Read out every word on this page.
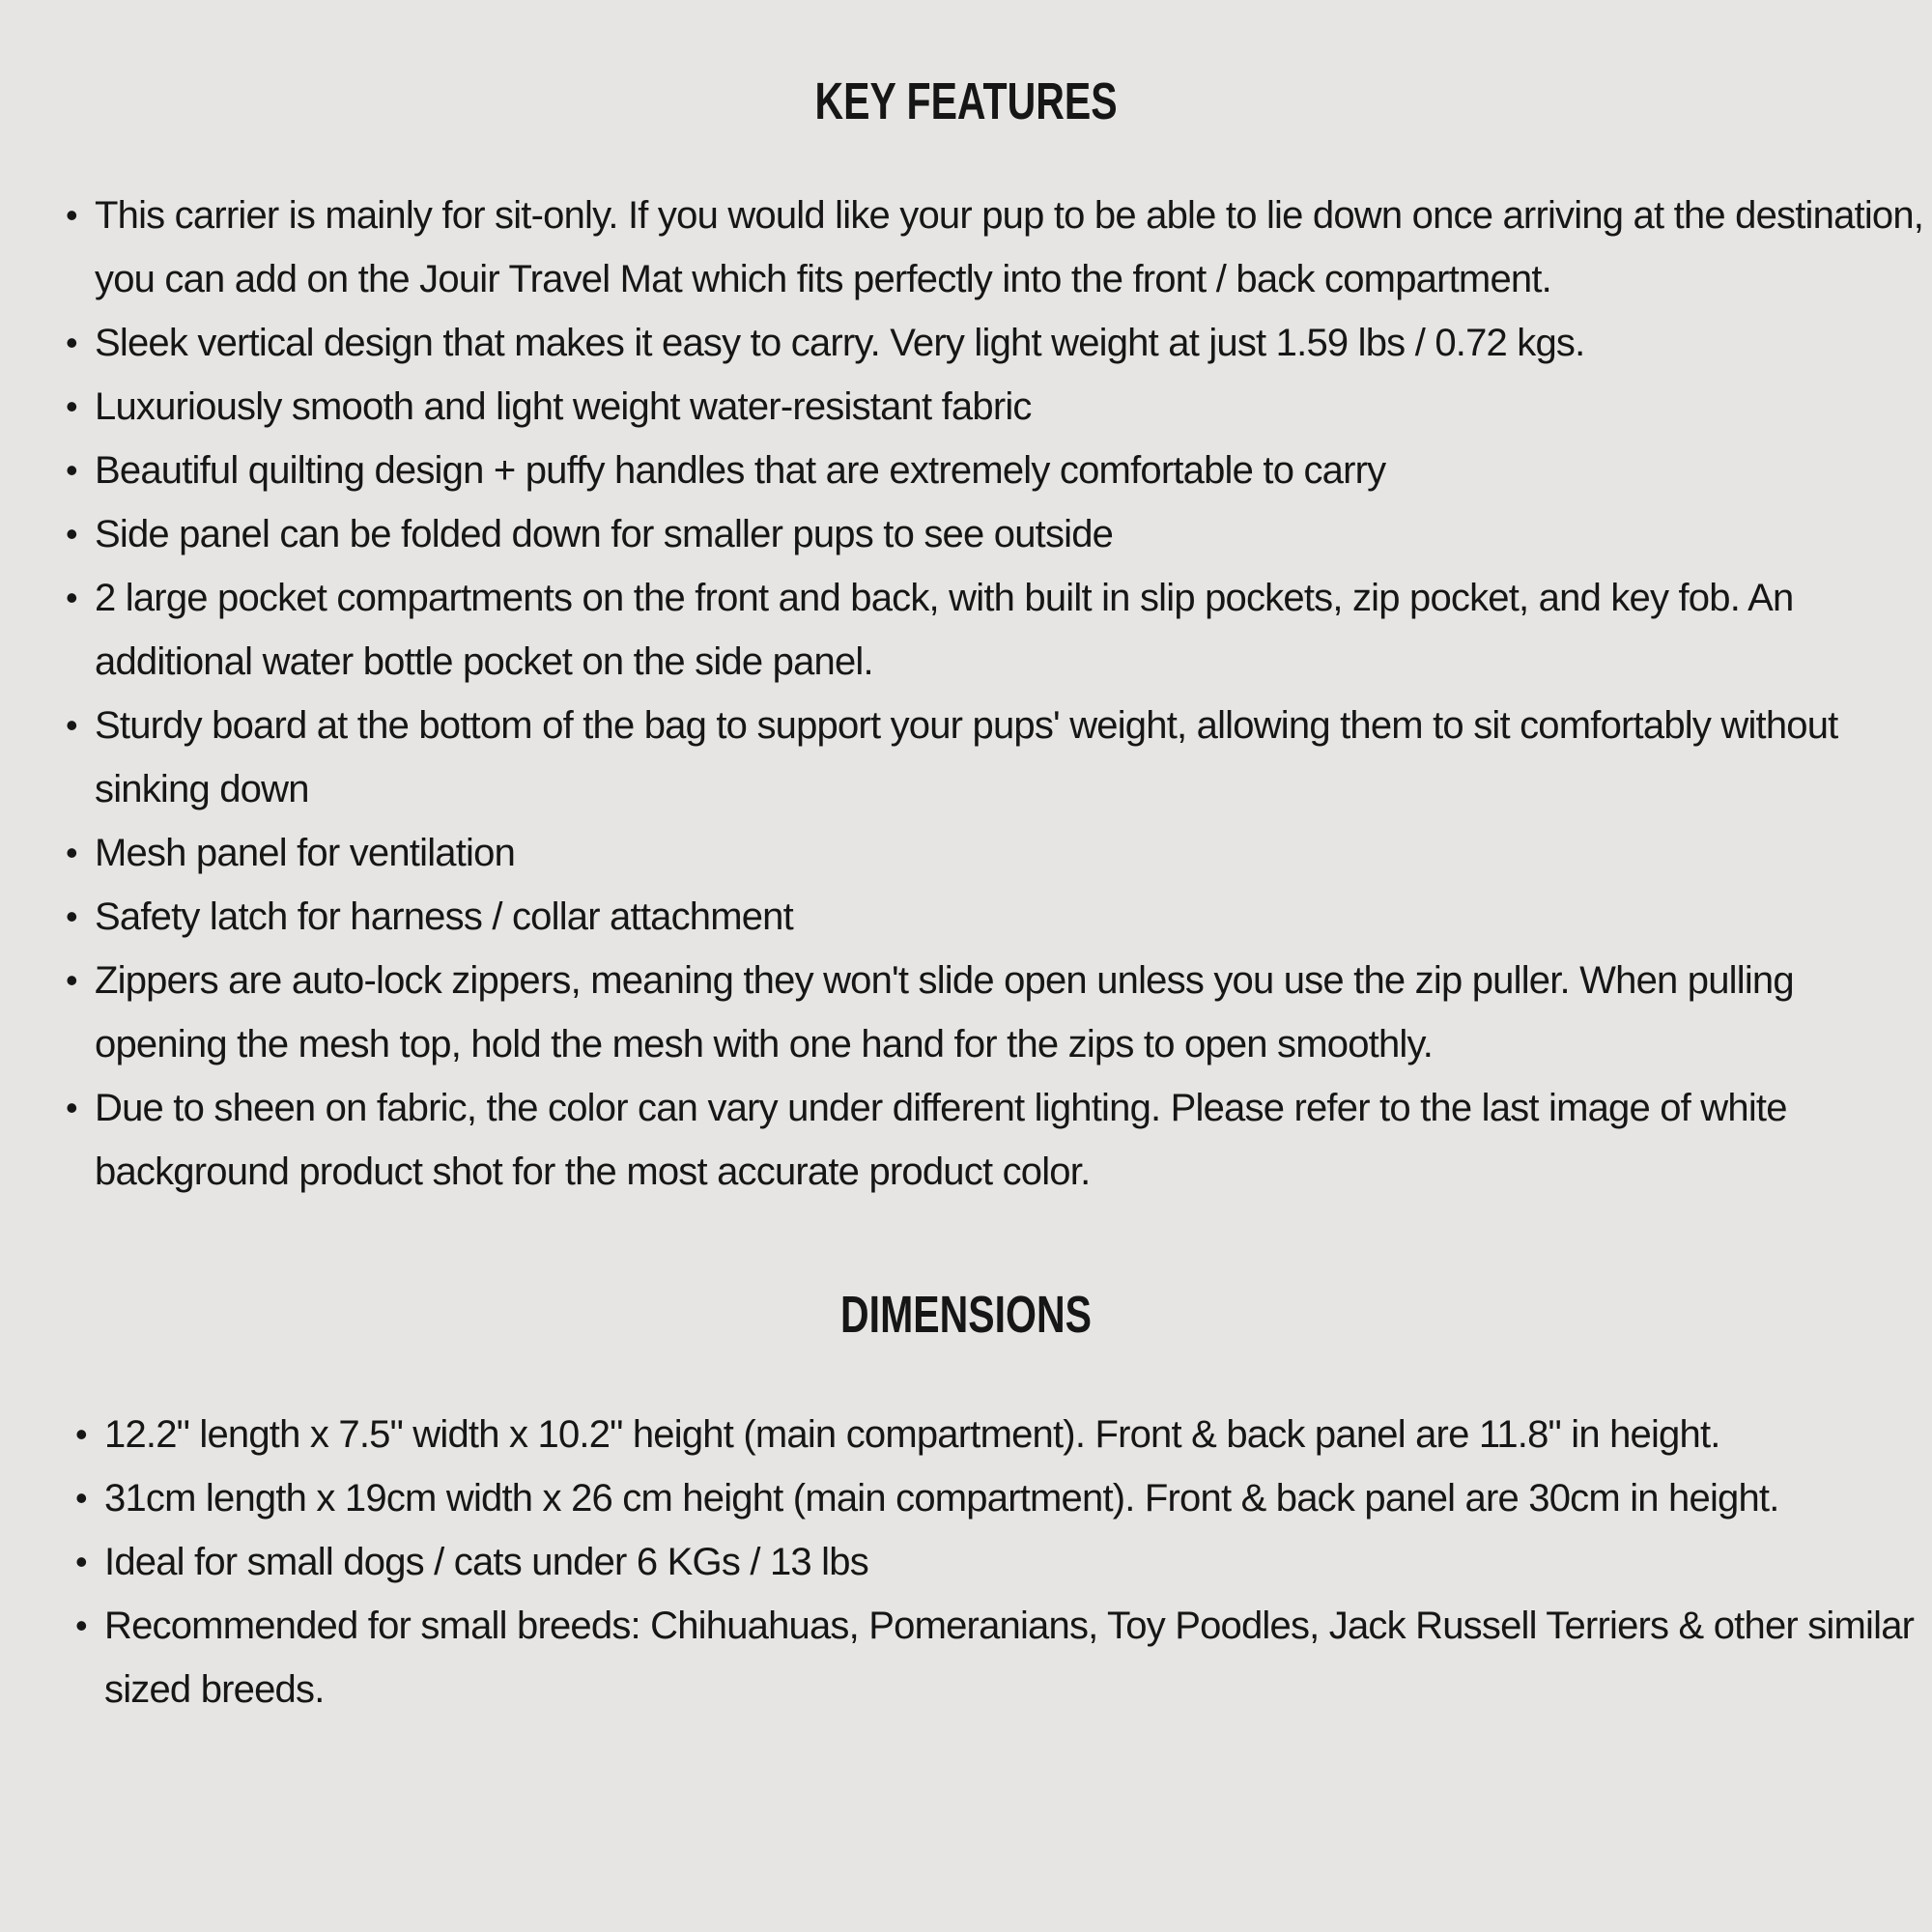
KEY FEATURES
• This carrier is mainly for sit-only. If you would like your pup to be able to lie down once arriving at the destination, you can add on the Jouir Travel Mat which fits perfectly into the front / back compartment.
• Sleek vertical design that makes it easy to carry. Very light weight at just 1.59 lbs / 0.72 kgs.
• Luxuriously smooth and light weight water-resistant fabric
• Beautiful quilting design + puffy handles that are extremely comfortable to carry
• Side panel can be folded down for smaller pups to see outside
• 2 large pocket compartments on the front and back, with built in slip pockets, zip pocket, and key fob. An additional water bottle pocket on the side panel.
• Sturdy board at the bottom of the bag to support your pups' weight, allowing them to sit comfortably without sinking down
• Mesh panel for ventilation
• Safety latch for harness / collar attachment
• Zippers are auto-lock zippers, meaning they won't slide open unless you use the zip puller. When pulling opening the mesh top, hold the mesh with one hand for the zips to open smoothly.
• Due to sheen on fabric, the color can vary under different lighting. Please refer to the last image of white background product shot for the most accurate product color.
DIMENSIONS
• 12.2" length x 7.5" width x 10.2" height (main compartment). Front & back panel are 11.8" in height.
• 31cm length x 19cm width x 26 cm height (main compartment). Front & back panel are 30cm in height.
• Ideal for small dogs / cats under 6 KGs / 13 lbs
• Recommended for small breeds: Chihuahuas, Pomeranians, Toy Poodles, Jack Russell Terriers & other similar sized breeds.
